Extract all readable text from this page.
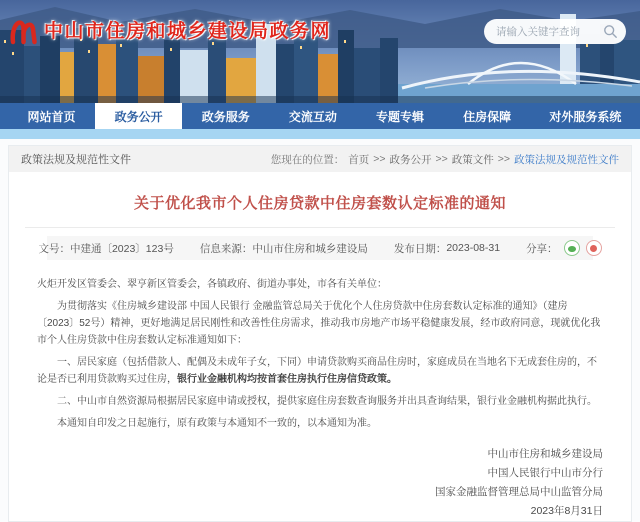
中山市住房和城乡建设局政务网
请输入关键字查询
网站首页	政务公开	政务服务	交流互动	专题专辑	住房保障	对外服务系统
政策法规及规范性文件	您现在的位置： 首页 >> 政务公开 >> 政策文件 >> 政策法规及规范性文件
关于优化我市个人住房贷款中住房套数认定标准的通知
文号： 中建通〔2023〕123号 信息来源： 中山市住房和城乡建设局 发布日期： 2023-08-31 分享：

火炬开发区管委会、翠亨新区管委会，各镇政府、街道办事处，市各有关单位：

为贯彻落实《住房城乡建设部 中国人民银行 金融监管总局关于优化个人住房贷款中住房套数认定标准的通知》（建房〔2023〕52号）精神，更好地满足居民刚性和改善性住房需求，推动我市房地产市场平稳健康发展，经市政府同意，现就优化我市个人住房贷款中住房套数认定标准通知如下：

一、居民家庭（包括借款人、配偶及未成年子女，下同）申请贷款购买商品住房时，家庭成员在当地名下无成套住房的，不论是否已利用贷款购买过住房，银行业金融机构均按首套住房执行住房信贷政策。

二、中山市自然资源局根据居民家庭申请或授权，提供家庭住房套数查询服务并出具查询结果，银行业金融机构据此执行。

本通知自印发之日起施行，原有政策与本通知不一致的，以本通知为准。

中山市住房和城乡建设局
中国人民银行中山市分行
国家金融监督管理总局中山监管分局
2023年8月31日
